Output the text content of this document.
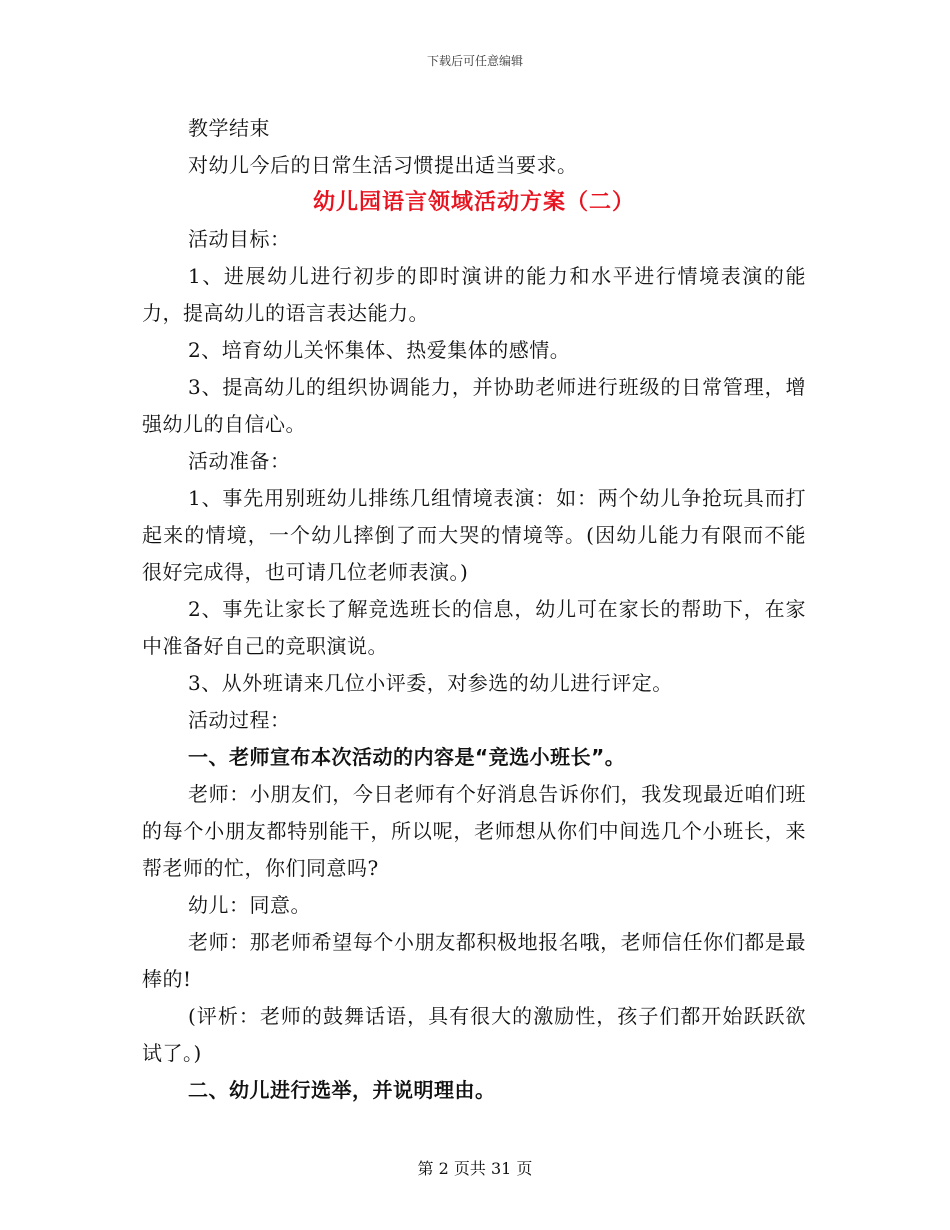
下载后可任意编辑

教学结束

对幼儿今后的日常生活习惯提出适当要求。

幼儿园语言领域活动方案（二）

活动目标：

1、进展幼儿进行初步的即时演讲的能力和水平进行情境表演的能力，提高幼儿的语言表达能力。

2、培育幼儿关怀集体、热爱集体的感情。

3、提高幼儿的组织协调能力，并协助老师进行班级的日常管理，增强幼儿的自信心。

活动准备：

1、事先用别班幼儿排练几组情境表演：如：两个幼儿争抢玩具而打起来的情境，一个幼儿摔倒了而大哭的情境等。(因幼儿能力有限而不能很好完成得，也可请几位老师表演。)

2、事先让家长了解竞选班长的信息，幼儿可在家长的帮助下，在家中准备好自己的竞职演说。

3、从外班请来几位小评委，对参选的幼儿进行评定。

活动过程：

一、老师宣布本次活动的内容是“竞选小班长”。

老师：小朋友们，今日老师有个好消息告诉你们，我发现最近咱们班的每个小朋友都特别能干，所以呢，老师想从你们中间选几个小班长，来帮老师的忙，你们同意吗?

幼儿：同意。

老师：那老师希望每个小朋友都积极地报名哦，老师信任你们都是最棒的!

(评析：老师的鼓舞话语，具有很大的激励性，孩子们都开始跃跃欲试了。)

二、幼儿进行选举，并说明理由。

第 2 页共 31 页
